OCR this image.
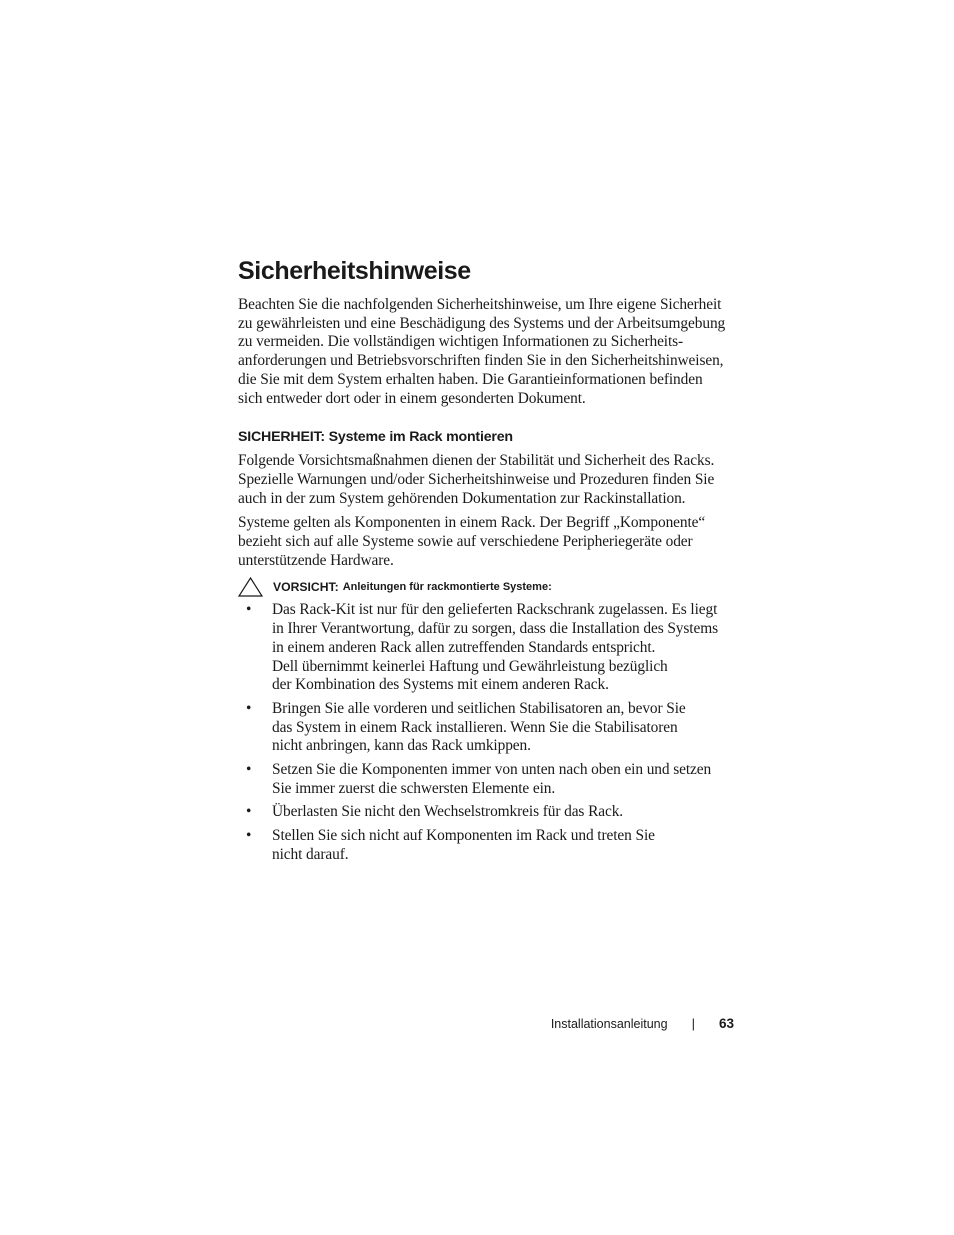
Sicherheitshinweise

Beachten Sie die nachfolgenden Sicherheitshinweise, um Ihre eigene Sicherheit
zu gewährleisten und eine Beschädigung des Systems und der Arbeitsumgebung
zu vermeiden. Die vollständigen wichtigen Informationen zu Sicherheits-
anforderungen und Betriebsvorschriften finden Sie in den Sicherheitshinweisen,
die Sie mit dem System erhalten haben. Die Garantieinformationen befinden
sich entweder dort oder in einem gesonderten Dokument.

SICHERHEIT: Systeme im Rack montieren

Folgende Vorsichtsmaßnahmen dienen der Stabilität und Sicherheit des Racks.
Spezielle Warnungen und/oder Sicherheitshinweise und Prozeduren finden Sie
auch in der zum System gehörenden Dokumentation zur Rackinstallation.

Systeme gelten als Komponenten in einem Rack. Der Begriff „Komponente“
bezieht sich auf alle Systeme sowie auf verschiedene Peripheriegeräte oder
unterstützende Hardware.

VORSICHT: Anleitungen für rackmontierte Systeme:
•	Das Rack-Kit ist nur für den gelieferten Rackschrank zugelassen. Es liegt
in Ihrer Verantwortung, dafür zu sorgen, dass die Installation des Systems
in einem anderen Rack allen zutreffenden Standards entspricht.
Dell übernimmt keinerlei Haftung und Gewährleistung bezüglich
der Kombination des Systems mit einem anderen Rack.
•	Bringen Sie alle vorderen und seitlichen Stabilisatoren an, bevor Sie
das System in einem Rack installieren. Wenn Sie die Stabilisatoren
nicht anbringen, kann das Rack umkippen.
•	Setzen Sie die Komponenten immer von unten nach oben ein und setzen
Sie immer zuerst die schwersten Elemente ein.
•	Überlasten Sie nicht den Wechselstromkreis für das Rack.
•	Stellen Sie sich nicht auf Komponenten im Rack und treten Sie
nicht darauf.
Installationsanleitung | 63
